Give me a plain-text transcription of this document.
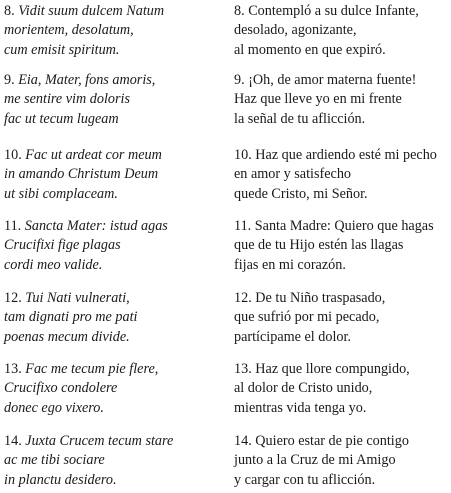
8. Vidit suum dulcem Natum
morientem, desolatum,
cum emisit spiritum.
9. Eia, Mater, fons amoris,
me sentire vim doloris
fac ut tecum lugeam
10. Fac ut ardeat cor meum
in amando Christum Deum
ut sibi complaceam.
11. Sancta Mater: istud agas
Crucifixi fige plagas
cordi meo valide.
12. Tui Nati vulnerati,
tam dignati pro me pati
poenas mecum divide.
13. Fac me tecum pie flere,
Crucifixo condolere
donec ego vixero.
14. Juxta Crucem tecum stare
ac me tibi sociare
in planctu desidero.
8. Contempló a su dulce Infante,
desolado, agonizante,
al momento en que expiró.
9. ¡Oh, de amor materna fuente!
Haz que lleve yo en mi frente
la señal de tu aflicción.
10. Haz que ardiendo esté mi pecho
en amor y satisfecho
quede Cristo, mi Señor.
11. Santa Madre: Quiero que hagas
que de tu Hijo estén las llagas
fijas en mi corazón.
12. De tu Niño traspasado,
que sufrió por mi pecado,
partícipame el dolor.
13. Haz que llore compungido,
al dolor de Cristo unido,
mientras vida tenga yo.
14. Quiero estar de pie contigo
junto a la Cruz de mi Amigo
y cargar con tu aflicción.
